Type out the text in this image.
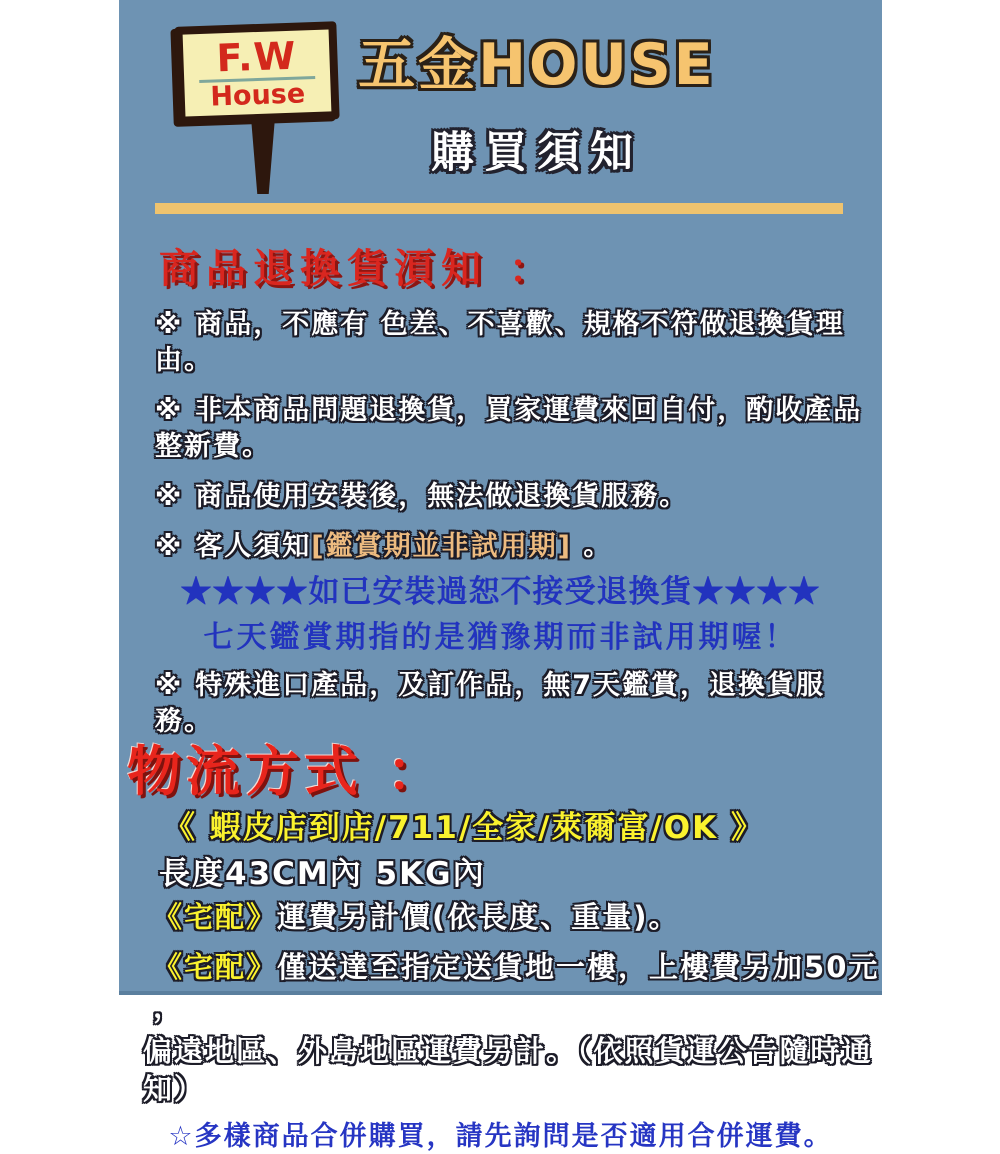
F.W
House 五金HOUSE
購買須知
商品退換貨湏知 ：
※ 商品，不應有 色差、不喜歡、規格不符做退換貨理由。
※ 非本商品問題退換貨，買家運費來回自付，酌收產品整新費。
※ 商品使用安裝後，無法做退換貨服務。
※ 客人須知[鑑賞期並非試用期] 。
★★★★如已安裝過恕不接受退換貨★★★★
七天鑑賞期指的是猶豫期而非試用期喔！
※ 特殊進口產品，及訂作品，無7天鑑賞，退換貨服務。
物流方式 ：
《 蝦皮店到店/711/全家/萊爾富/OK 》
長度43CM內 5KG內
《宅配》運費另計價(依長度、重量)。
《宅配》僅送達至指定送貨地一樓，上樓費另加50元 ，
偏遠地區、外島地區運費另計。（依照貨運公告隨時通知）
☆多樣商品合併購買，請先詢問是否適用合併運費。
